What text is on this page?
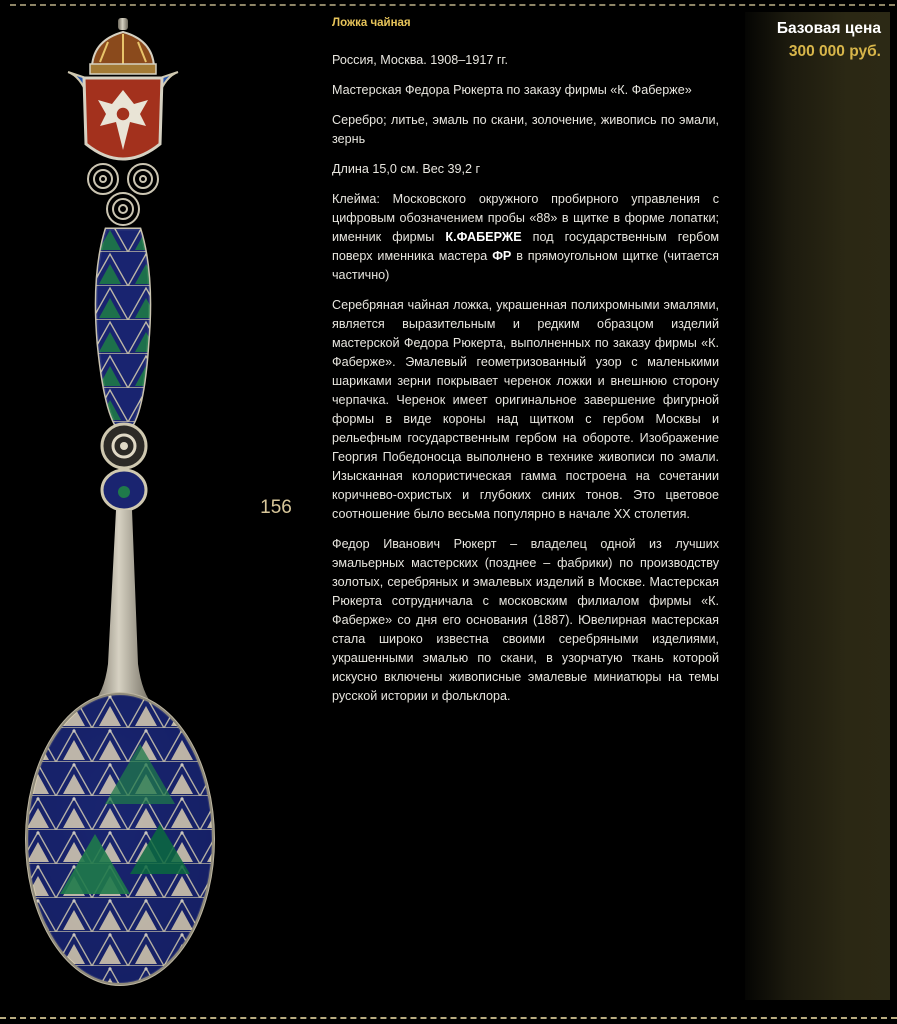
156
Базовая цена
300 000 руб.

Ложка чайная

Россия, Москва. 1908–1917 гг.

Мастерская Федора Рюкерта по заказу фирмы «К. Фаберже»

Серебро; литье, эмаль по скани, золочение, живопись по эмали, зернь

Длина 15,0 см. Вес 39,2 г

Клейма: Московского окружного пробирного управления с цифровым обозначением пробы «88» в щитке в форме лопатки; именник фирмы К.ФАБЕРЖЕ под государственным гербом поверх именника мастера ФР в прямоугольном щитке (читается частично)

Серебряная чайная ложка, украшенная полихромными эмалями, является выразительным и редким образцом изделий мастерской Федора Рюкерта, выполненных по заказу фирмы «К. Фаберже». Эмалевый геометризованный узор с маленькими шариками зерни покрывает черенок ложки и внешнюю сторону черпачка. Черенок имеет оригинальное завершение фигурной формы в виде короны над щитком с гербом Москвы и рельефным государственным гербом на обороте. Изображение Георгия Победоносца выполнено в технике живописи по эмали. Изысканная колористическая гамма построена на сочетании коричнево-охристых и глубоких синих тонов. Это цветовое соотношение было весьма популярно в начале XX столетия.

Федор Иванович Рюкерт – владелец одной из лучших эмальерных мастерских (позднее – фабрики) по производству золотых, серебряных и эмалевых изделий в Москве. Мастерская Рюкерта сотрудничала с московским филиалом фирмы «К. Фаберже» со дня его основания (1887). Ювелирная мастерская стала широко известна своими серебряными изделиями, украшенными эмалью по скани, в узорчатую ткань которой искусно включены живописные эмалевые миниатюры на темы русской истории и фольклора.
